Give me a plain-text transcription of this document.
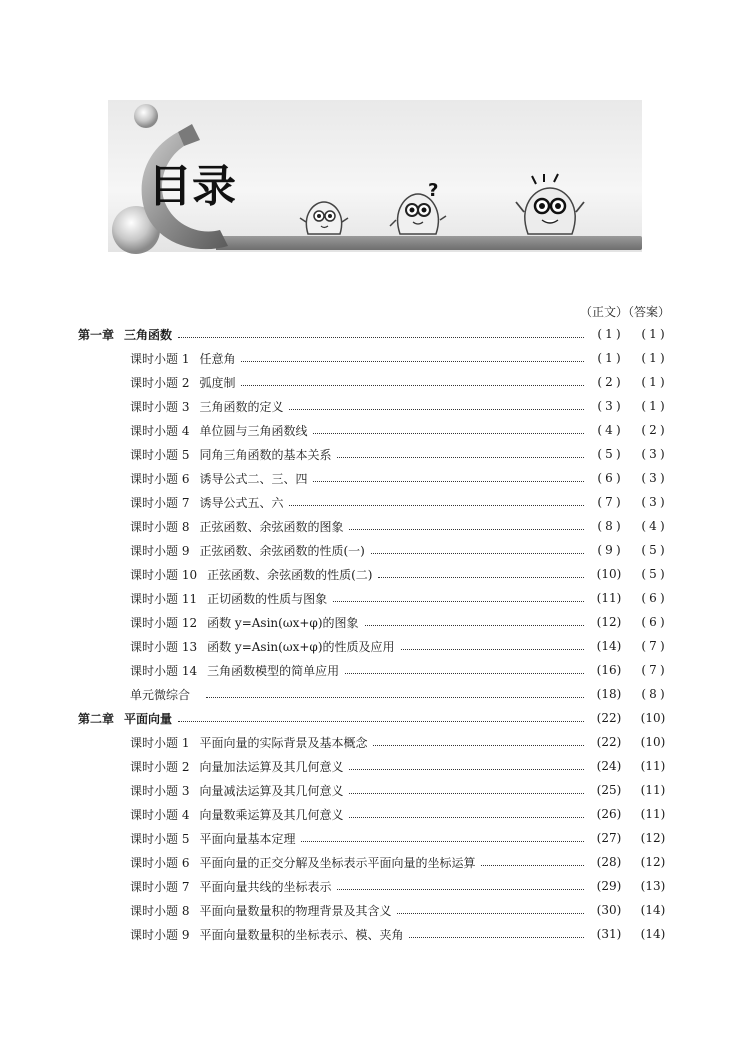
?
目录
（正文）（答案）
第一章 三角函数	( 1 )	( 1 )
课时小题 1 任意角	( 1 )	( 1 )
课时小题 2 弧度制	( 2 )	( 1 )
课时小题 3 三角函数的定义	( 3 )	( 1 )
课时小题 4 单位圆与三角函数线	( 4 )	( 2 )
课时小题 5 同角三角函数的基本关系	( 5 )	( 3 )
课时小题 6 诱导公式二、三、四	( 6 )	( 3 )
课时小题 7 诱导公式五、六	( 7 )	( 3 )
课时小题 8 正弦函数、余弦函数的图象	( 8 )	( 4 )
课时小题 9 正弦函数、余弦函数的性质(一)	( 9 )	( 5 )
课时小题 10 正弦函数、余弦函数的性质(二)	(10)	( 5 )
课时小题 11 正切函数的性质与图象	(11)	( 6 )
课时小题 12 函数 y=Asin(ωx+φ)的图象	(12)	( 6 )
课时小题 13 函数 y=Asin(ωx+φ)的性质及应用	(14)	( 7 )
课时小题 14 三角函数模型的简单应用	(16)	( 7 )
单元微综合	(18)	( 8 )
第二章 平面向量	(22)	(10)
课时小题 1 平面向量的实际背景及基本概念	(22)	(10)
课时小题 2 向量加法运算及其几何意义	(24)	(11)
课时小题 3 向量减法运算及其几何意义	(25)	(11)
课时小题 4 向量数乘运算及其几何意义	(26)	(11)
课时小题 5 平面向量基本定理	(27)	(12)
课时小题 6 平面向量的正交分解及坐标表示平面向量的坐标运算	(28)	(12)
课时小题 7 平面向量共线的坐标表示	(29)	(13)
课时小题 8 平面向量数量积的物理背景及其含义	(30)	(14)
课时小题 9 平面向量数量积的坐标表示、模、夹角	(31)	(14)
